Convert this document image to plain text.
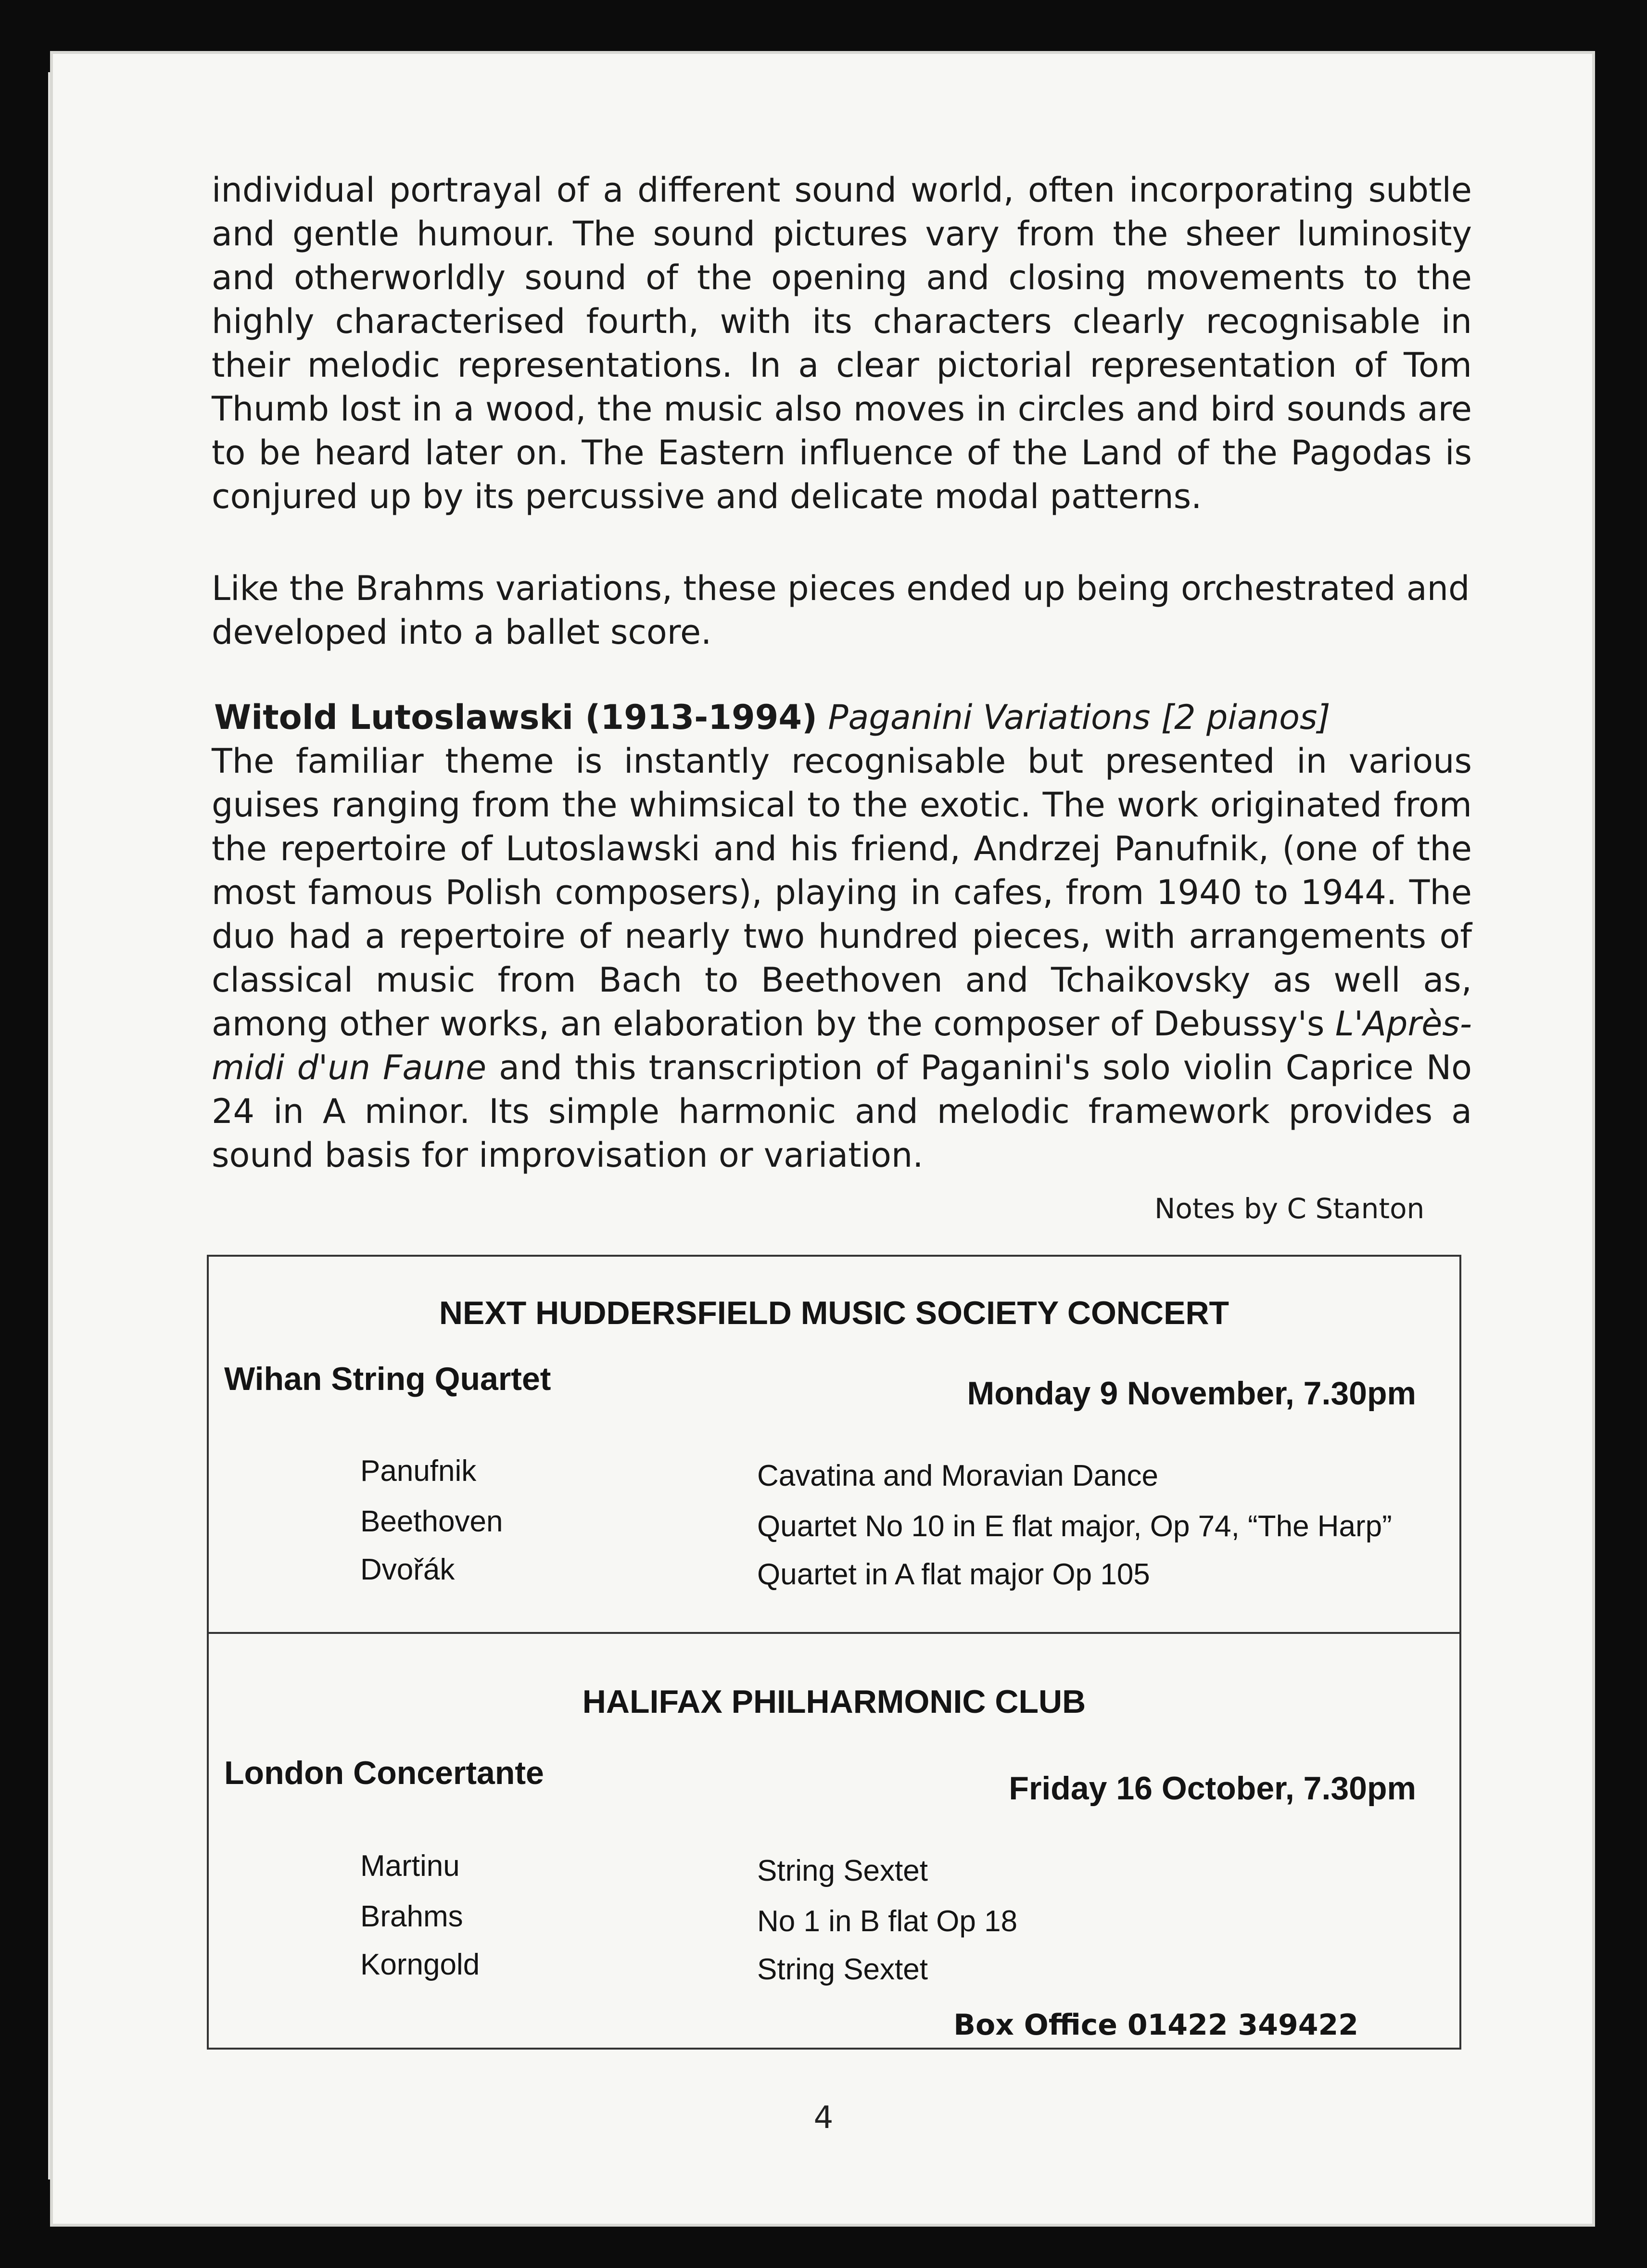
individual portrayal of a different sound world, often incorporating subtle and gentle humour. The sound pictures vary from the sheer luminosity and otherworldly sound of the opening and closing movements to the highly characterised fourth, with its characters clearly recognisable in their melodic representations. In a clear pictorial representation of Tom Thumb lost in a wood, the music also moves in circles and bird sounds are to be heard later on. The Eastern influence of the Land of the Pagodas is conjured up by its percussive and delicate modal patterns.

Like the Brahms variations, these pieces ended up being orchestrated and developed into a ballet score.

Witold Lutoslawski (1913-1994) Paganini Variations [2 pianos]

The familiar theme is instantly recognisable but presented in various guises ranging from the whimsical to the exotic. The work originated from the repertoire of Lutoslawski and his friend, Andrzej Panufnik, (one of the most famous Polish composers), playing in cafes, from 1940 to 1944. The duo had a repertoire of nearly two hundred pieces, with arrangements of classical music from Bach to Beethoven and Tchaikovsky as well as, among other works, an elaboration by the composer of Debussy's L'Après-midi d'un Faune and this transcription of Paganini's solo violin Caprice No 24 in A minor. Its simple harmonic and melodic framework provides a sound basis for improvisation or variation.

Notes by C Stanton
NEXT HUDDERSFIELD MUSIC SOCIETY CONCERT
Wihan String Quartet	Monday 9 November, 7.30pm
Panufnik	Cavatina and Moravian Dance
Beethoven	Quartet No 10 in E flat major, Op 74, “The Harp”
Dvořák	Quartet in A flat major Op 105
HALIFAX PHILHARMONIC CLUB
London Concertante	Friday 16 October, 7.30pm
Martinu	String Sextet
Brahms	No 1 in B flat Op 18
Korngold	String Sextet
Box Office 01422 349422
4
